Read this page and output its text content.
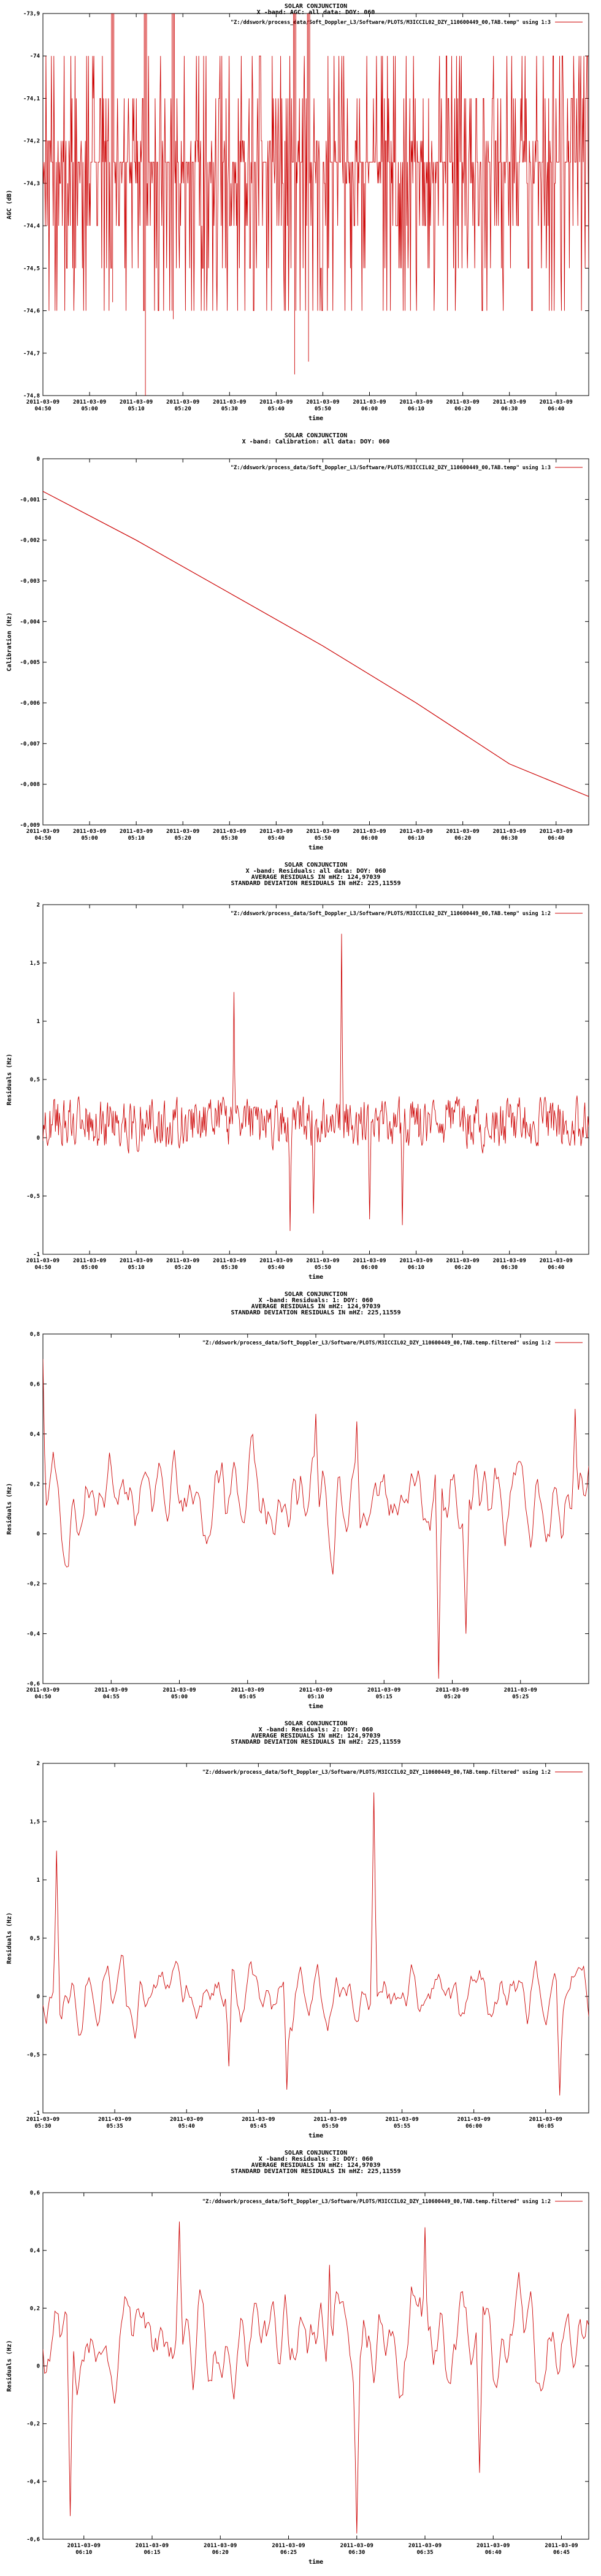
SOLAR CONJUNCTION
X -band: AGC: all data: DOY: 060
-73,9
-74
-74,1
-74,2
-74,3
-74,4
-74,5
-74,6
-74,7
-74,8
2011-03-09
04:50
2011-03-09
05:00
2011-03-09
05:10
2011-03-09
05:20
2011-03-09
05:30
2011-03-09
05:40
2011-03-09
05:50
2011-03-09
06:00
2011-03-09
06:10
2011-03-09
06:20
2011-03-09
06:30
2011-03-09
06:40
time
AGC (dB)
"Z:/ddswork/process_data/Soft_Doppler_L3/Software/PLOTS/M3ICCIL02_DZY_110600449_00,TAB.temp" using 1:3
SOLAR CONJUNCTION
X -band: Calibration: all data: DOY: 060
0
-0,001
-0,002
-0,003
-0,004
-0,005
-0,006
-0,007
-0,008
-0,009
2011-03-09
04:50
2011-03-09
05:00
2011-03-09
05:10
2011-03-09
05:20
2011-03-09
05:30
2011-03-09
05:40
2011-03-09
05:50
2011-03-09
06:00
2011-03-09
06:10
2011-03-09
06:20
2011-03-09
06:30
2011-03-09
06:40
time
Calibration (Hz)
"Z:/ddswork/process_data/Soft_Doppler_L3/Software/PLOTS/M3ICCIL02_DZY_110600449_00,TAB.temp" using 1:3
SOLAR CONJUNCTION
X -band: Residuals: all data: DOY: 060
AVERAGE RESIDUALS IN mHZ: 124,97039
STANDARD DEVIATION RESIDUALS IN mHZ: 225,11559
2
1,5
1
0,5
0
-0,5
-1
2011-03-09
04:50
2011-03-09
05:00
2011-03-09
05:10
2011-03-09
05:20
2011-03-09
05:30
2011-03-09
05:40
2011-03-09
05:50
2011-03-09
06:00
2011-03-09
06:10
2011-03-09
06:20
2011-03-09
06:30
2011-03-09
06:40
time
Residuals (Hz)
"Z:/ddswork/process_data/Soft_Doppler_L3/Software/PLOTS/M3ICCIL02_DZY_110600449_00,TAB.temp" using 1:2
SOLAR CONJUNCTION
X -band: Residuals: 1: DOY: 060
AVERAGE RESIDUALS IN mHZ: 124,97039
STANDARD DEVIATION RESIDUALS IN mHZ: 225,11559
0,8
0,6
0,4
0,2
0
-0,2
-0,4
-0,6
2011-03-09
04:50
2011-03-09
04:55
2011-03-09
05:00
2011-03-09
05:05
2011-03-09
05:10
2011-03-09
05:15
2011-03-09
05:20
2011-03-09
05:25
time
Residuals (Hz)
"Z:/ddswork/process_data/Soft_Doppler_L3/Software/PLOTS/M3ICCIL02_DZY_110600449_00,TAB.temp.filtered" using 1:2
SOLAR CONJUNCTION
X -band: Residuals: 2: DOY: 060
AVERAGE RESIDUALS IN mHZ: 124,97039
STANDARD DEVIATION RESIDUALS IN mHZ: 225,11559
2
1,5
1
0,5
0
-0,5
-1
2011-03-09
05:30
2011-03-09
05:35
2011-03-09
05:40
2011-03-09
05:45
2011-03-09
05:50
2011-03-09
05:55
2011-03-09
06:00
2011-03-09
06:05
time
Residuals (Hz)
"Z:/ddswork/process_data/Soft_Doppler_L3/Software/PLOTS/M3ICCIL02_DZY_110600449_00,TAB.temp.filtered" using 1:2
SOLAR CONJUNCTION
X -band: Residuals: 3: DOY: 060
AVERAGE RESIDUALS IN mHZ: 124,97039
STANDARD DEVIATION RESIDUALS IN mHZ: 225,11559
0,6
0,4
0,2
0
-0,2
-0,4
-0,6
2011-03-09
06:10
2011-03-09
06:15
2011-03-09
06:20
2011-03-09
06:25
2011-03-09
06:30
2011-03-09
06:35
2011-03-09
06:40
2011-03-09
06:45
time
Residuals (Hz)
"Z:/ddswork/process_data/Soft_Doppler_L3/Software/PLOTS/M3ICCIL02_DZY_110600449_00,TAB.temp.filtered" using 1:2
